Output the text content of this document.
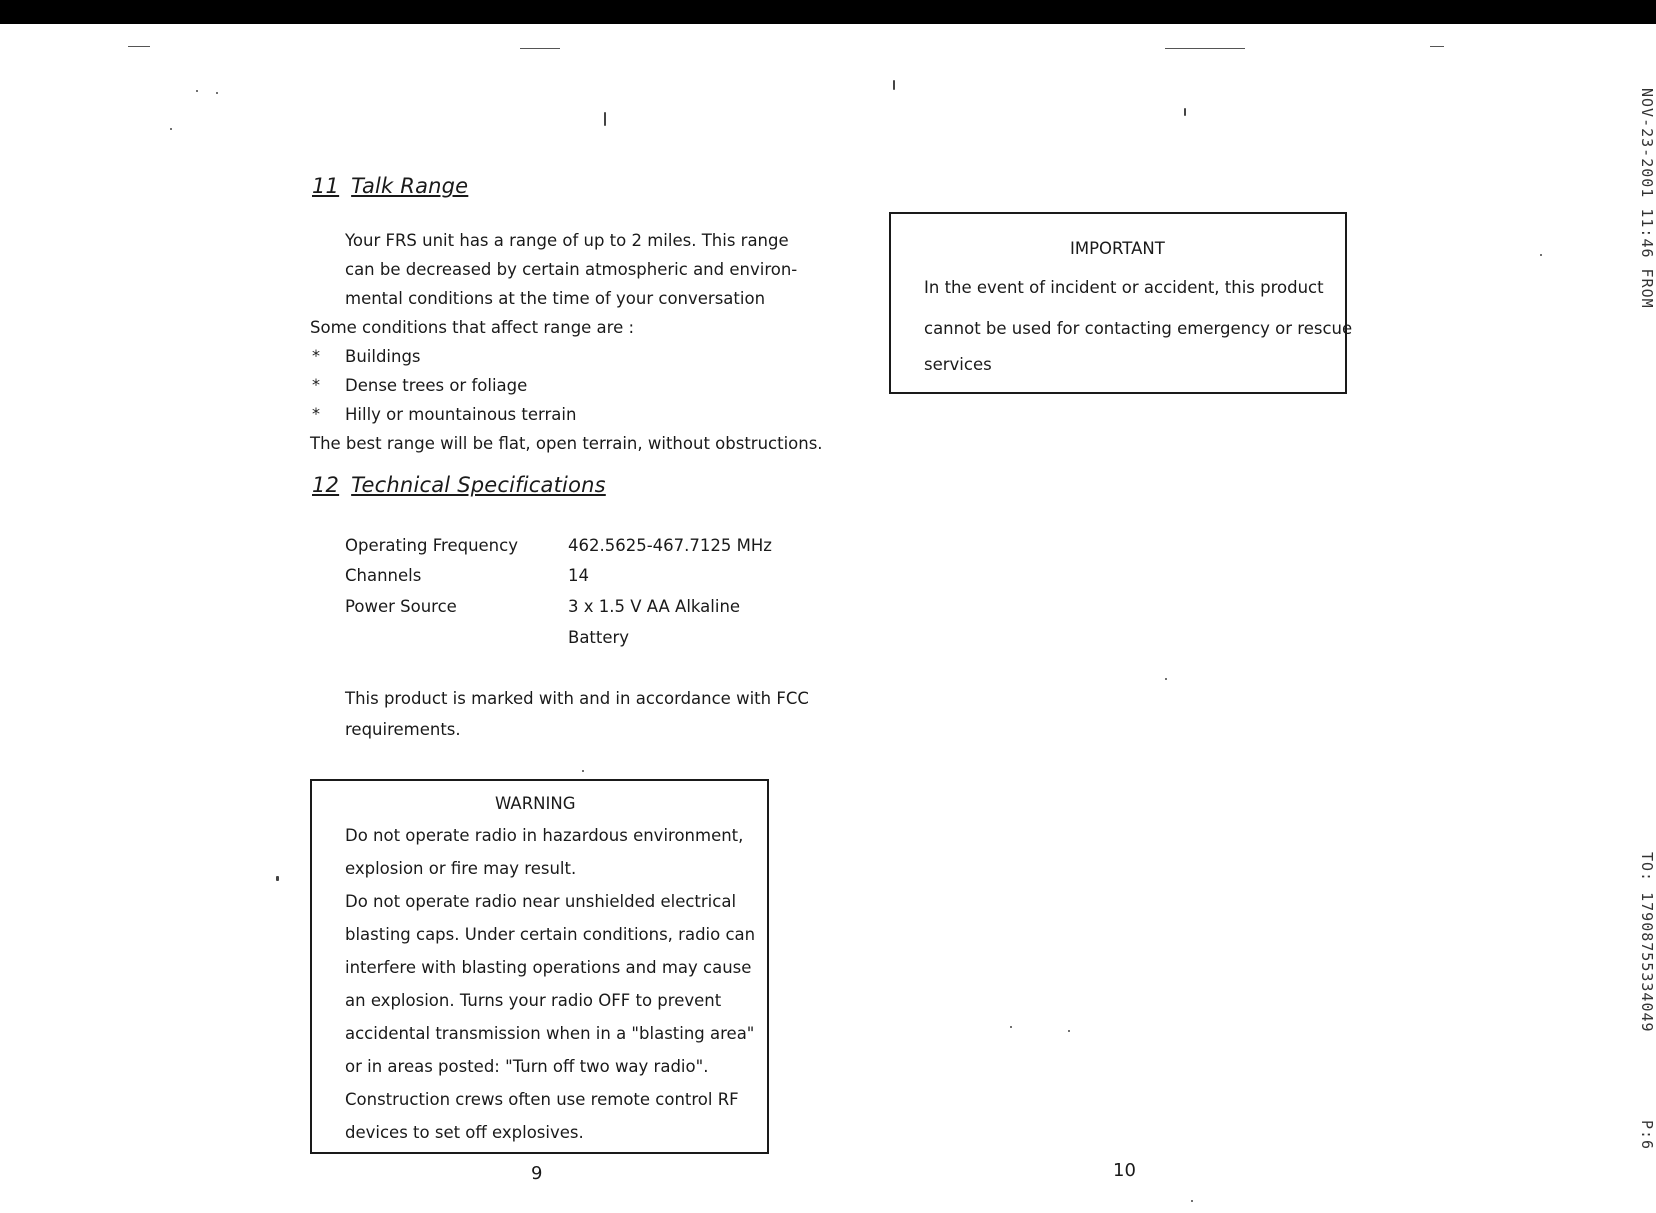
11 Talk Range
Your FRS unit has a range of up to 2 miles. This range
can be decreased by certain atmospheric and environ-
mental conditions at the time of your conversation
Some conditions that affect range are :
* Buildings
* Dense trees or foliage
* Hilly or mountainous terrain
The best range will be flat, open terrain, without obstructions.
12 Technical Specifications
Operating Frequency	462.5625-467.7125 MHz
Channels	14
Power Source	3 x 1.5 V AA Alkaline
Battery
This product is marked with and in accordance with FCC
requirements.
WARNING
Do not operate radio in hazardous environment,
explosion or fire may result.
Do not operate radio near unshielded electrical
blasting caps. Under certain conditions, radio can
interfere with blasting operations and may cause
an explosion. Turns your radio OFF to prevent
accidental transmission when in a "blasting area"
or in areas posted: "Turn off two way radio".
Construction crews often use remote control RF
devices to set off explosives.
9
IMPORTANT
In the event of incident or accident, this product
cannot be used for contacting emergency or rescue
services
10
NOV-23-2001 11:46 FROM
TO: 17908755334049
P:6
